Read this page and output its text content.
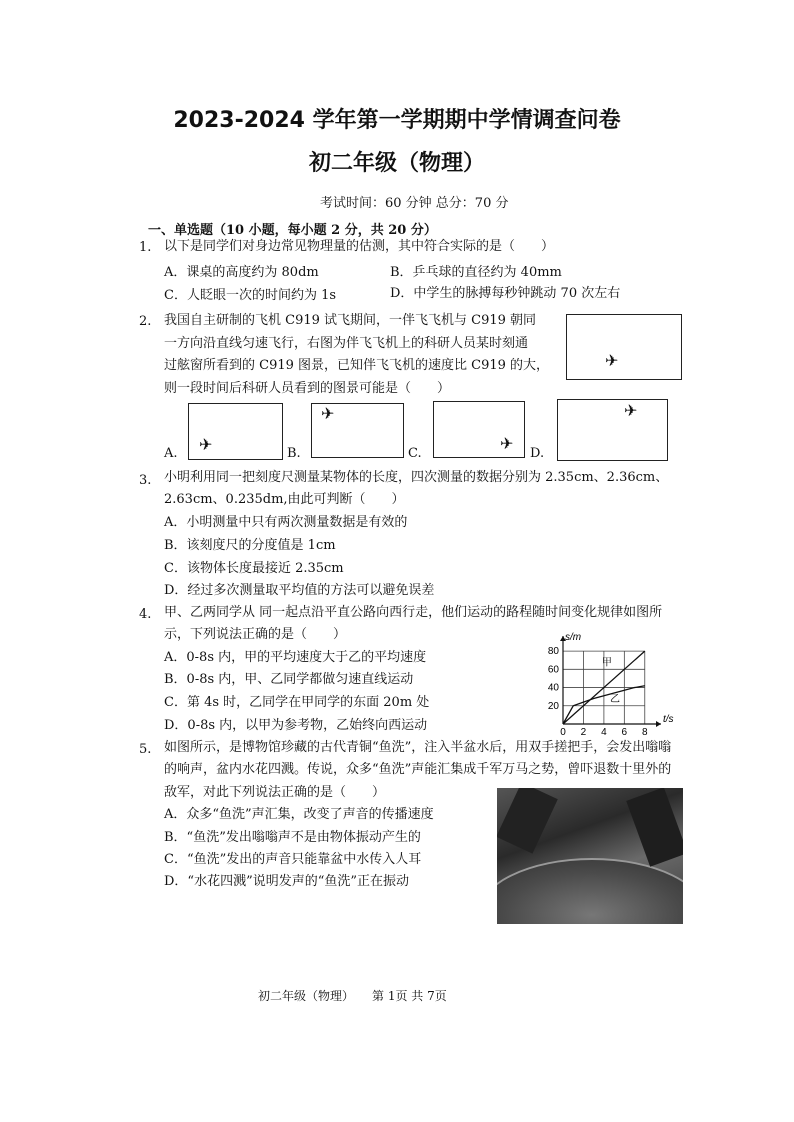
2023-2024 学年第一学期期中学情调查问卷
初二年级（物理）
考试时间：60 分钟 总分：70 分
一、单选题（10 小题，每小题 2 分，共 20 分）
1. 以下是同学们对身边常见物理量的估测，其中符合实际的是（　　）
A．课桌的高度约为 80dm	B．乒乓球的直径约为 40mm
C．人眨眼一次的时间约为 1s	D．中学生的脉搏每秒钟跳动 70 次左右
2. 我国自主研制的飞机 C919 试飞期间，一伴飞飞机与 C919 朝同
一方向沿直线匀速飞行，右图为伴飞飞机上的科研人员某时刻通
过舷窗所看到的 C919 图景，已知伴飞飞机的速度比 C919 的大，
则一段时间后科研人员看到的图景可能是（　　）
✈
A. ✈	B.
✈
C.
✈
D.
✈
3. 小明利用同一把刻度尺测量某物体的长度，四次测量的数据分别为 2.35cm、2.36cm、
2.63cm、0.235dm,由此可判断（　　）
A．小明测量中只有两次测量数据是有效的
B．该刻度尺的分度值是 1cm
C．该物体长度最接近 2.35cm
D．经过多次测量取平均值的方法可以避免误差
4. 甲、乙两同学从 同一起点沿平直公路向西行走，他们运动的路程随时间变化规律如图所
示，下列说法正确的是（　　）
A．0-8s 内，甲的平均速度大于乙的平均速度
B．0-8s 内，甲、乙同学都做匀速直线运动
C．第 4s 时，乙同学在甲同学的东面 20m 处
D．0-8s 内，以甲为参考物，乙始终向西运动	0 2 4 6 8
20
40
60
80
s/m
t/s
甲
乙
5. 如图所示，是博物馆珍藏的古代青铜“鱼洗”，注入半盆水后，用双手搓把手，会发出嗡嗡
的响声，盆内水花四溅。传说，众多“鱼洗”声能汇集成千军万马之势，曾吓退数十里外的
敌军，对此下列说法正确的是（　　）
A．众多“鱼洗”声汇集，改变了声音的传播速度
B．“鱼洗”发出嗡嗡声不是由物体振动产生的
C．“鱼洗”发出的声音只能靠盆中水传入人耳
D．“水花四溅”说明发声的“鱼洗”正在振动
初二年级（物理）　　第 1页 共 7页
